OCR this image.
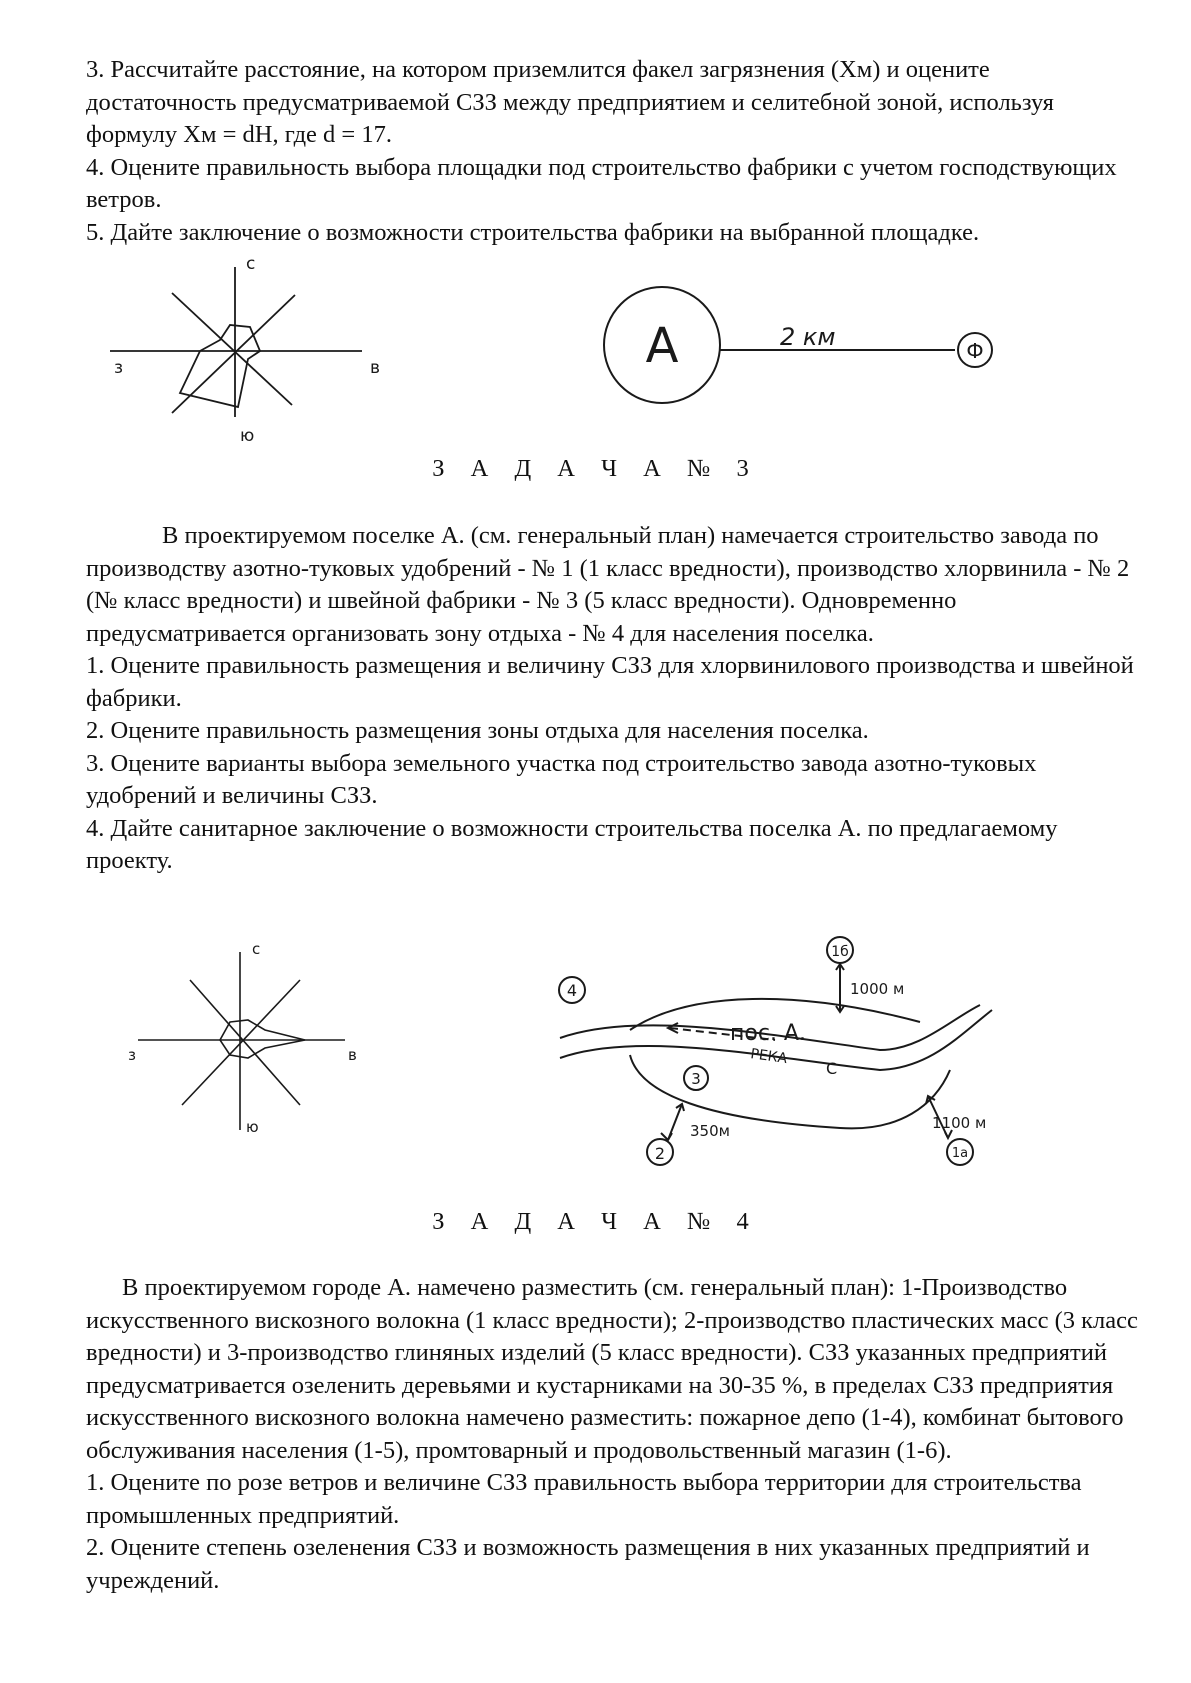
3. Рассчитайте расстояние, на котором приземлится факел загрязнения (Хм) и оцените достаточность предусматриваемой СЗЗ между предприятием и селитебной зоной, используя формулу Хм = dH, где d = 17.

4. Оцените правильность выбора площадки под строительство фабрики с учетом господствующих ветров.

5. Дайте заключение о возможности строительства фабрики на выбранной площадке.

с
з	в
ю
А	2 км	Ф

З А Д А Ч А № 3

В проектируемом поселке А. (см. генеральный план) намечается строительство завода по производству азотно-туковых удобрений - № 1 (1 класс вредности), производство хлорвинила - № 2 (№ класс вредности) и швейной фабрики - № 3 (5 класс вредности). Одновременно предусматривается организовать зону отдыха - № 4 для населения поселка.

1. Оцените правильность размещения и величину СЗЗ для хлорвинилового производства и швейной фабрики.

2. Оцените правильность размещения зоны отдыха для населения поселка.

3. Оцените варианты выбора земельного участка под строительство завода азотно-туковых удобрений и величины СЗЗ.

4. Дайте санитарное заключение о возможности строительства поселка А. по предлагаемому проекту.

с
з	в
ю
1б
1000 м
4
пос. А.
РЕКА
С
3
2
350м	1100 м
1а

З А Д А Ч А № 4

В проектируемом городе А. намечено разместить (см. генеральный план): 1-Производство искусственного вискозного волокна (1 класс вредности); 2-производство пластических масс (3 класс вредности) и 3-производство глиняных изделий (5 класс вредности). СЗЗ указанных предприятий предусматривается озеленить деревьями и кустарниками на 30-35 %, в пределах СЗЗ предприятия искусственного вискозного волокна намечено разместить: пожарное депо (1-4), комбинат бытового обслуживания населения (1-5), промтоварный и продовольственный магазин (1-6).

1. Оцените по розе ветров и величине СЗЗ правильность выбора территории для строительства промышленных предприятий.

2. Оцените степень озеленения СЗЗ и возможность размещения в них указанных предприятий и учреждений.
